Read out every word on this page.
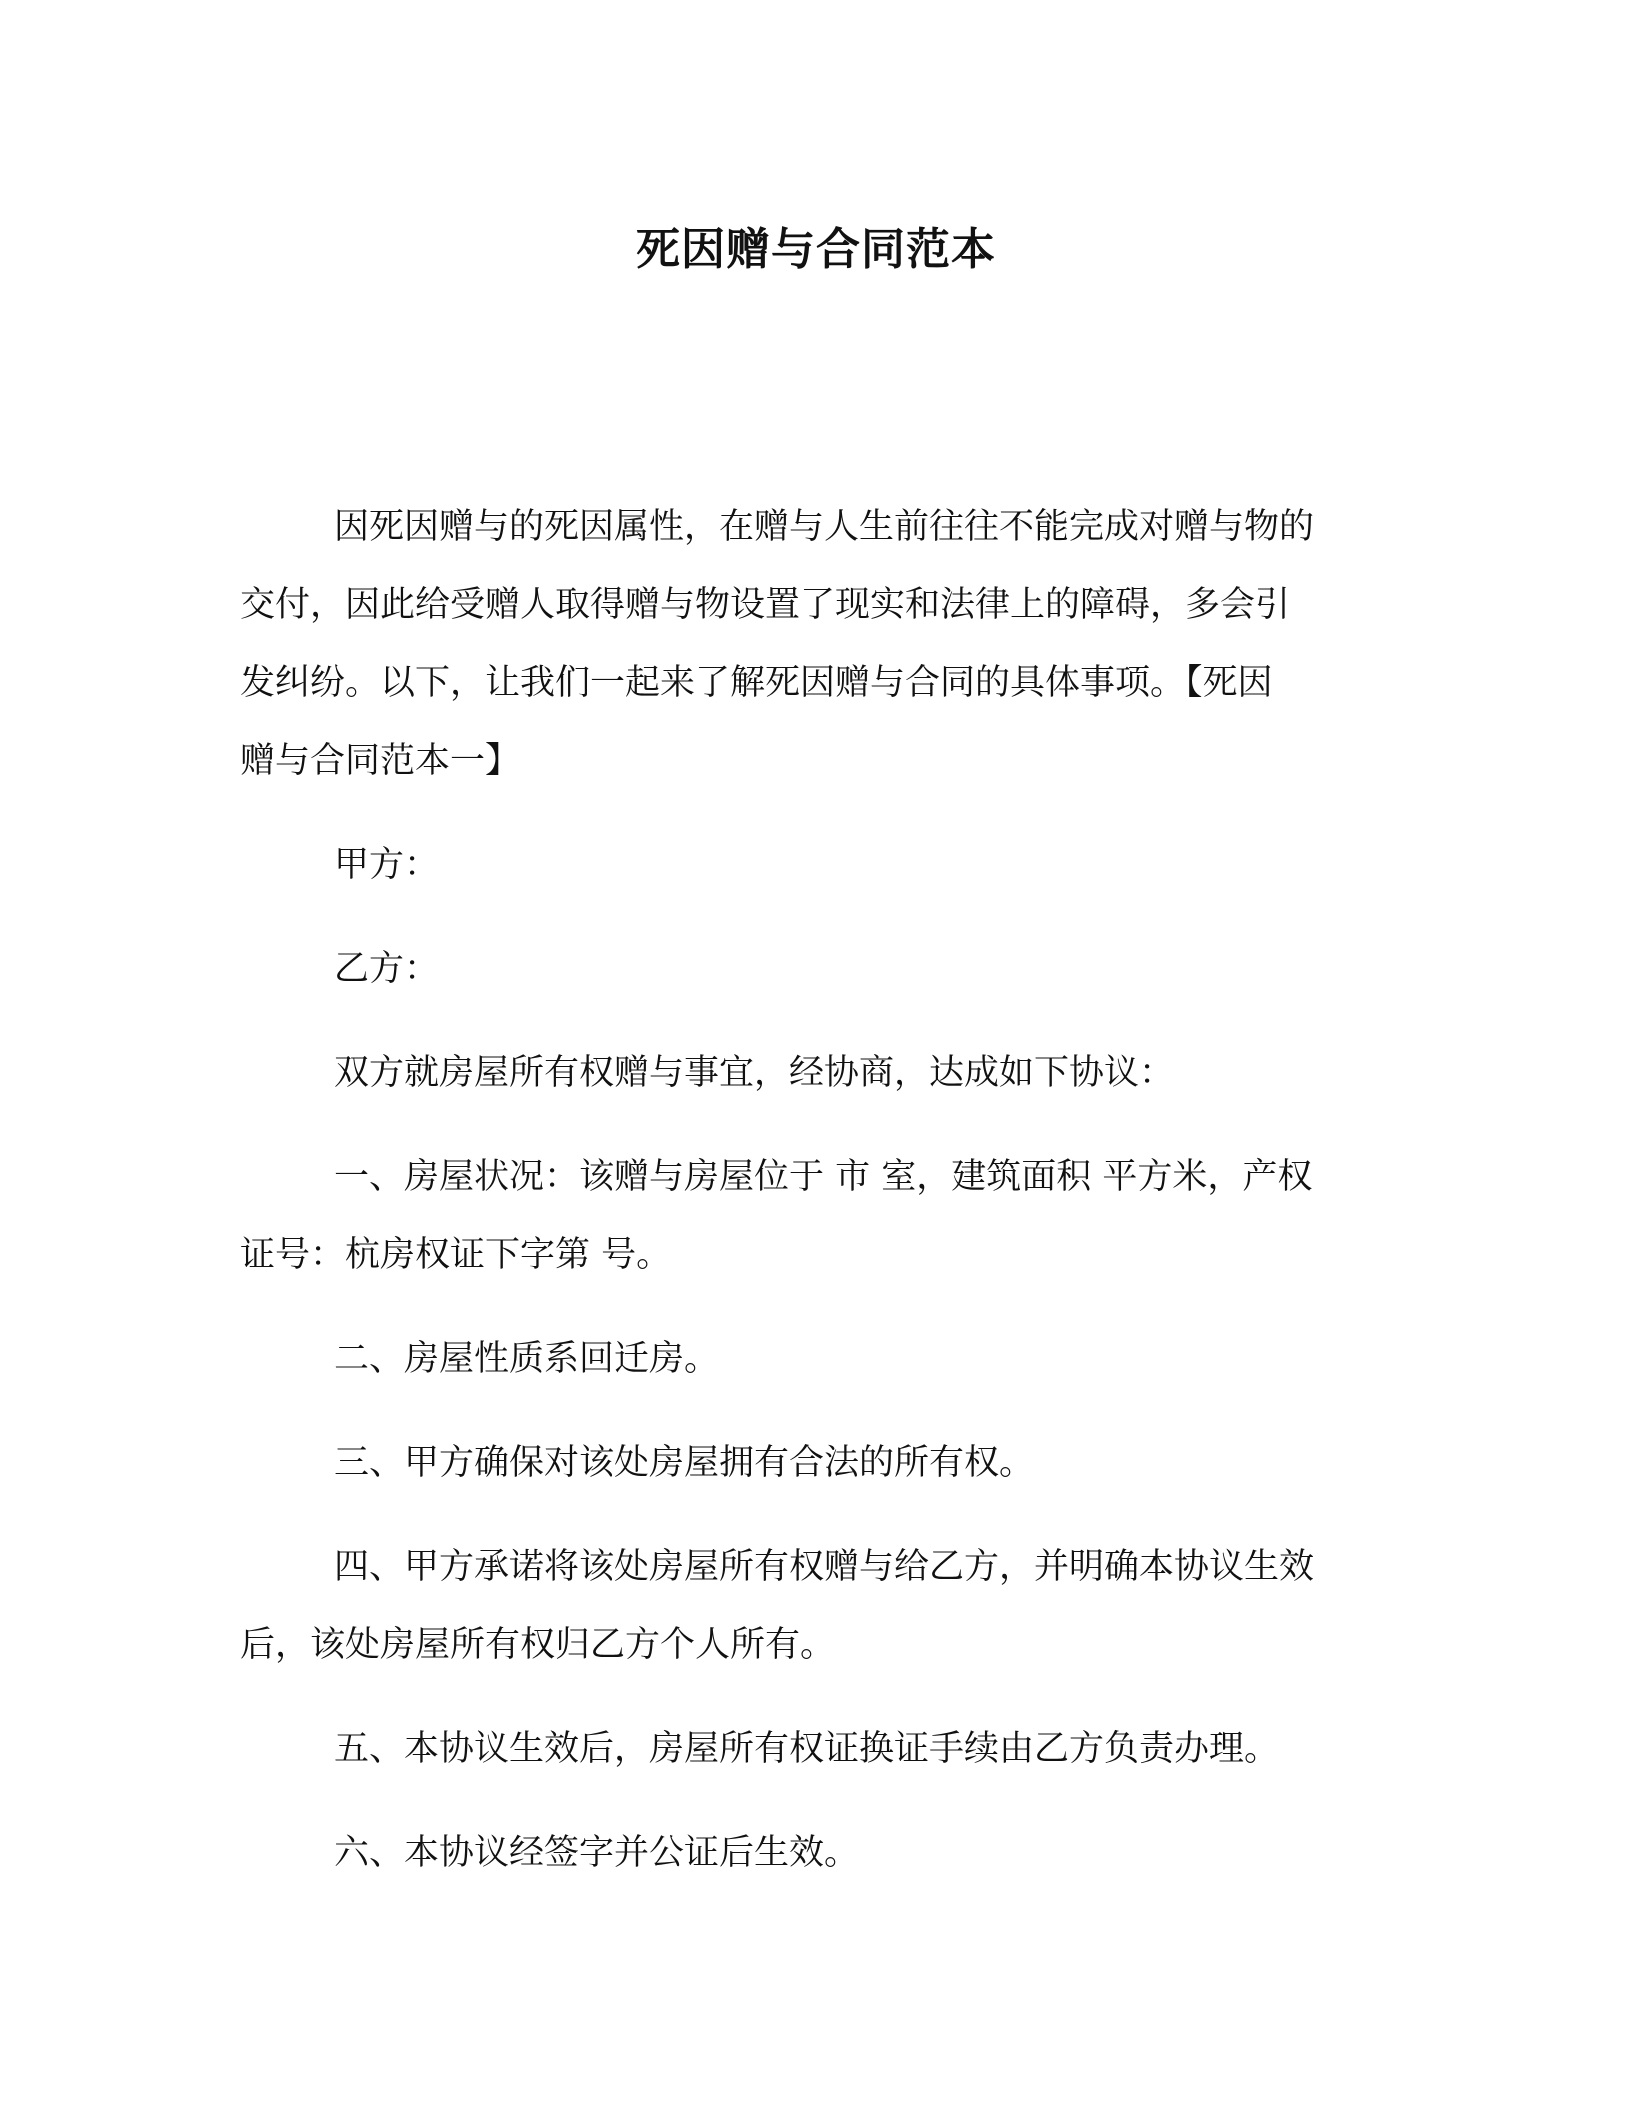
死因赠与合同范本
因死因赠与的死因属性，在赠与人生前往往不能完成对赠与物的
交付，因此给受赠人取得赠与物设置了现实和法律上的障碍，多会引
发纠纷。以下，让我们一起来了解死因赠与合同的具体事项。【死因
赠与合同范本一】
甲方：
乙方：
双方就房屋所有权赠与事宜，经协商，达成如下协议：
一、房屋状况：该赠与房屋位于 市 室，建筑面积 平方米，产权
证号：杭房权证下字第 号。
二、房屋性质系回迁房。
三、甲方确保对该处房屋拥有合法的所有权。
四、甲方承诺将该处房屋所有权赠与给乙方，并明确本协议生效
后，该处房屋所有权归乙方个人所有。
五、本协议生效后，房屋所有权证换证手续由乙方负责办理。
六、本协议经签字并公证后生效。
